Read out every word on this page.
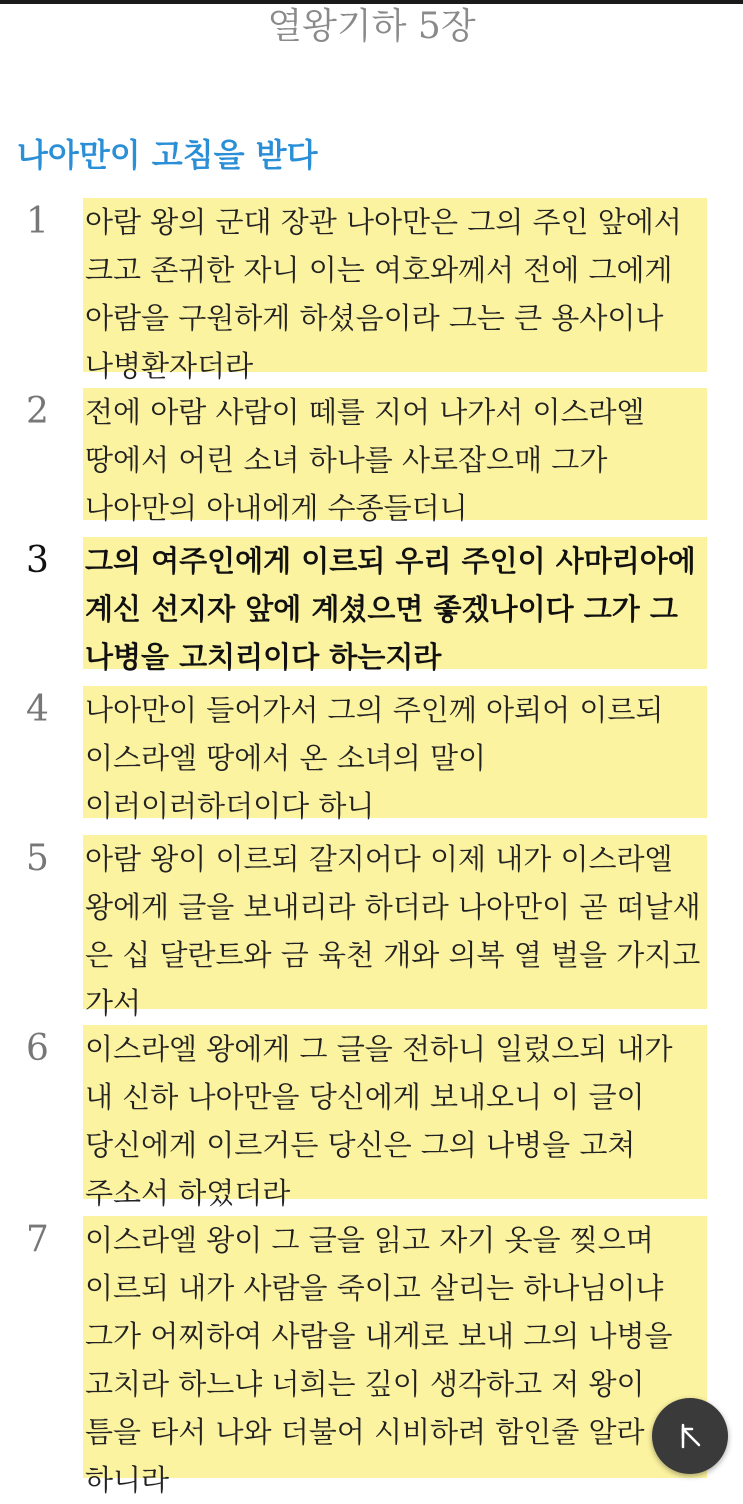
열왕기하 5장
나아만이 고침을 받다
1 아람 왕의 군대 장관 나아만은 그의 주인 앞에서 크고 존귀한 자니 이는 여호와께서 전에 그에게 아람을 구원하게 하셨음이라 그는 큰 용사이나 나병환자더라
2 전에 아람 사람이 떼를 지어 나가서 이스라엘 땅에서 어린 소녀 하나를 사로잡으매 그가 나아만의 아내에게 수종들더니
3 그의 여주인에게 이르되 우리 주인이 사마리아에 계신 선지자 앞에 계셨으면 좋겠나이다 그가 그 나병을 고치리이다 하는지라
4 나아만이 들어가서 그의 주인께 아뢰어 이르되 이스라엘 땅에서 온 소녀의 말이 이러이러하더이다 하니
5 아람 왕이 이르되 갈지어다 이제 내가 이스라엘 왕에게 글을 보내리라 하더라 나아만이 곧 떠날새 은 십 달란트와 금 육천 개와 의복 열 벌을 가지고 가서
6 이스라엘 왕에게 그 글을 전하니 일렀으되 내가 내 신하 나아만을 당신에게 보내오니 이 글이 당신에게 이르거든 당신은 그의 나병을 고쳐 주소서 하였더라
7 이스라엘 왕이 그 글을 읽고 자기 옷을 찢으며 이르되 내가 사람을 죽이고 살리는 하나님이냐 그가 어찌하여 사람을 내게로 보내 그의 나병을 고치라 하느냐 너희는 깊이 생각하고 저 왕이 틈을 타서 나와 더불어 시비하려 함인줄 알라 하니라
